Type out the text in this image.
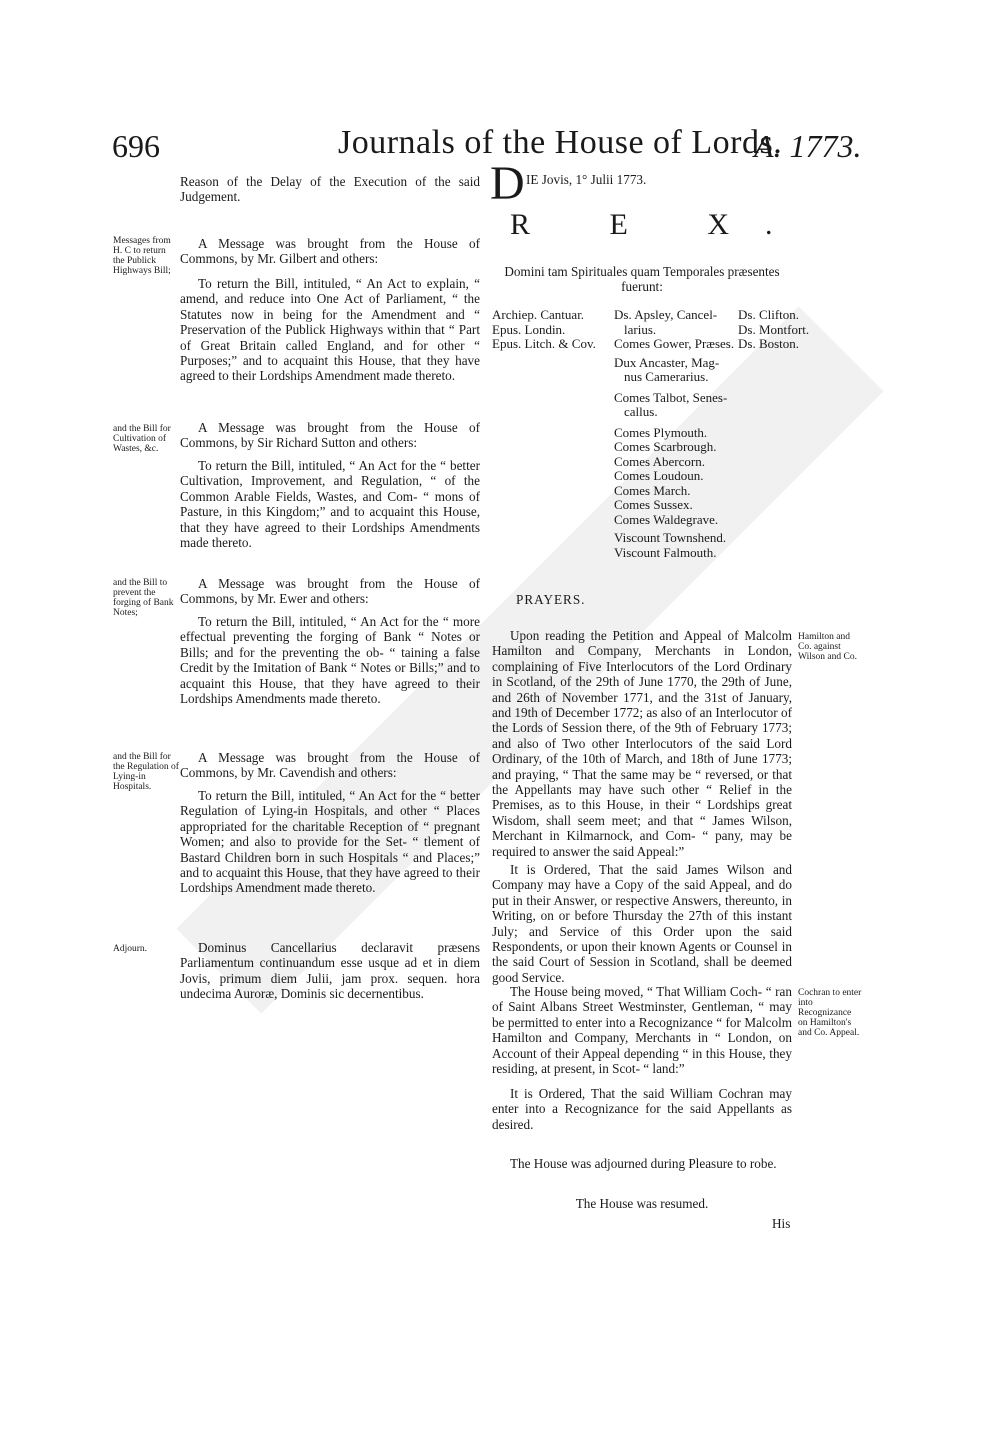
696	Journals of the House of Lords.
A. 1773.

Reason of the Delay of the Execution of the said Judgement.

Messages from H. C to return the Publick Highways Bill;

A Message was brought from the House of Commons, by Mr. Gilbert and others:

To return the Bill, intituled, “ An Act to explain, “ amend, and reduce into One Act of Parliament, “ the Statutes now in being for the Amendment and “ Preservation of the Publick Highways within that “ Part of Great Britain called England, and for other “ Purposes;” and to acquaint this House, that they have agreed to their Lordships Amendment made thereto.

and the Bill for Cultivation of Wastes, &c.

A Message was brought from the House of Commons, by Sir Richard Sutton and others:

To return the Bill, intituled, “ An Act for the “ better Cultivation, Improvement, and Regulation, “ of the Common Arable Fields, Wastes, and Com- “ mons of Pasture, in this Kingdom;” and to acquaint this House, that they have agreed to their Lordships Amendments made thereto.

and the Bill to prevent the forging of Bank Notes;

A Message was brought from the House of Commons, by Mr. Ewer and others:

To return the Bill, intituled, “ An Act for the “ more effectual preventing the forging of Bank “ Notes or Bills; and for the preventing the ob- “ taining a false Credit by the Imitation of Bank “ Notes or Bills;” and to acquaint this House, that they have agreed to their Lordships Amendments made thereto.

and the Bill for the Regulation of Lying-in Hospitals.

A Message was brought from the House of Commons, by Mr. Cavendish and others:

To return the Bill, intituled, “ An Act for the “ better Regulation of Lying-in Hospitals, and other “ Places appropriated for the charitable Reception of “ pregnant Women; and also to provide for the Set- “ tlement of Bastard Children born in such Hospitals “ and Places;” and to acquaint this House, that they have agreed to their Lordships Amendment made thereto.

Adjourn.	Dominus Cancellarius declaravit præsens Parliamentum continuandum esse usque ad et in diem Jovis, primum diem Julii, jam prox. sequen. hora undecima Auroræ, Dominis sic decernentibus.

D IE Jovis, 1° Julii 1773.
R E X.

Domini tam Spirituales quam Temporales præsentes fuerunt:

Archiep. Cantuar.

Epus. Londin.

Epus. Litch. & Cov.

Ds. Apsley, Cancel-

larius.

Comes Gower, Præses.

Dux Ancaster, Mag-

nus Camerarius.

Comes Talbot, Senes-

callus.

Comes Plymouth.

Comes Scarbrough.

Comes Abercorn.

Comes Loudoun.

Comes March.

Comes Sussex.

Comes Waldegrave.

Viscount Townshend.

Viscount Falmouth.

Ds. Clifton.

Ds. Montfort.

Ds. Boston.

PRAYERS.
Hamilton and Co. against Wilson and Co.

Upon reading the Petition and Appeal of Malcolm Hamilton and Company, Merchants in London, complaining of Five Interlocutors of the Lord Ordinary in Scotland, of the 29th of June 1770, the 29th of June, and 26th of November 1771, and the 31st of January, and 19th of December 1772; as also of an Interlocutor of the Lords of Session there, of the 9th of February 1773; and also of Two other Interlocutors of the said Lord Ordinary, of the 10th of March, and 18th of June 1773; and praying, “ That the same may be “ reversed, or that the Appellants may have such other “ Relief in the Premises, as to this House, in their “ Lordships great Wisdom, shall seem meet; and that “ James Wilson, Merchant in Kilmarnock, and Com- “ pany, may be required to answer the said Appeal:”

It is Ordered, That the said James Wilson and Company may have a Copy of the said Appeal, and do put in their Answer, or respective Answers, thereunto, in Writing, on or before Thursday the 27th of this instant July; and Service of this Order upon the said Respondents, or upon their known Agents or Counsel in the said Court of Session in Scotland, shall be deemed good Service.

Cochran to enter into Recognizance on Hamilton's and Co. Appeal.

The House being moved, “ That William Coch- “ ran of Saint Albans Street Westminster, Gentleman, “ may be permitted to enter into a Recognizance “ for Malcolm Hamilton and Company, Merchants in “ London, on Account of their Appeal depending “ in this House, they residing, at present, in Scot- “ land:”

It is Ordered, That the said William Cochran may enter into a Recognizance for the said Appellants as desired.

The House was adjourned during Pleasure to robe.

The House was resumed.
His
